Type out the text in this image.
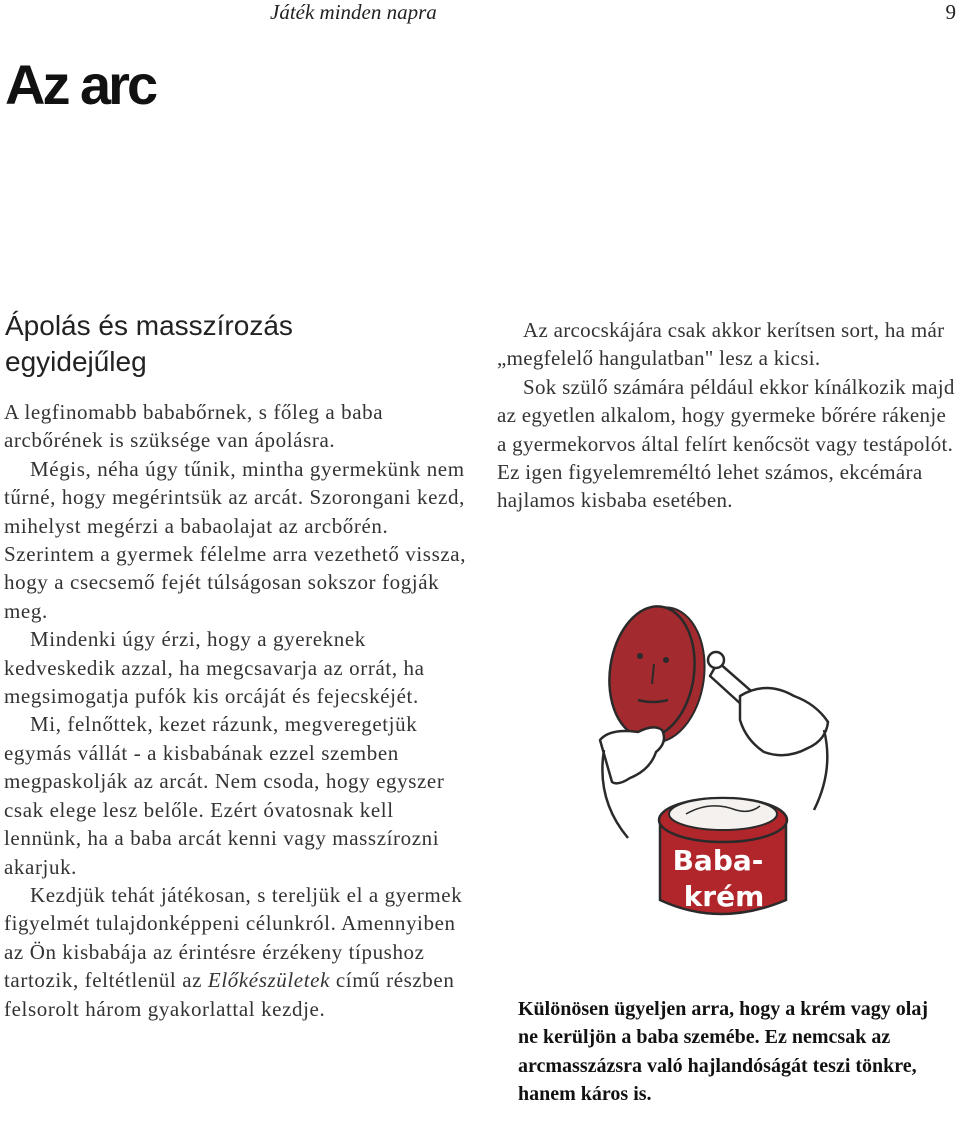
Játék minden napra	9
Az arc
Ápolás és masszírozás egyidejűleg

A legfinomabb bababőrnek, s főleg a baba arcbőrének is szüksége van ápolásra.

Mégis, néha úgy tűnik, mintha gyermekünk nem tűrné, hogy megérintsük az arcát. Szorongani kezd, mihelyst megérzi a babaolajat az arcbőrén. Szerintem a gyermek félelme arra vezethető vissza, hogy a csecsemő fejét túlságosan sokszor fogják meg.

Mindenki úgy érzi, hogy a gyereknek kedveskedik azzal, ha megcsavarja az orrát, ha megsimogatja pufók kis orcáját és fejecskéjét.

Mi, felnőttek, kezet rázunk, megveregetjük egymás vállát - a kisbabának ezzel szemben megpaskolják az arcát. Nem csoda, hogy egyszer csak elege lesz belőle. Ezért óvatosnak kell lennünk, ha a baba arcát kenni vagy masszírozni akarjuk.

Kezdjük tehát játékosan, s tereljük el a gyermek figyelmét tulajdonképpeni célunkról. Amennyiben az Ön kisbabája az érintésre érzékeny típushoz tartozik, feltétlenül az Előkészületek című részben felsorolt három gyakorlattal kezdje.

Az arcocskájára csak akkor kerítsen sort, ha már „megfelelő hangulatban" lesz a kicsi.

Sok szülő számára például ekkor kínálkozik majd az egyetlen alkalom, hogy gyermeke bőrére rákenje a gyermekorvos által felírt kenőcsöt vagy testápolót. Ez igen figyelemreméltó lehet számos, ekcémára hajlamos kisbaba esetében.

Baba-
krém

Különösen ügyeljen arra, hogy a krém vagy olaj ne kerüljön a baba szemébe. Ez nemcsak az arcmasszázsra való hajlandóságát teszi tönkre, hanem káros is.
